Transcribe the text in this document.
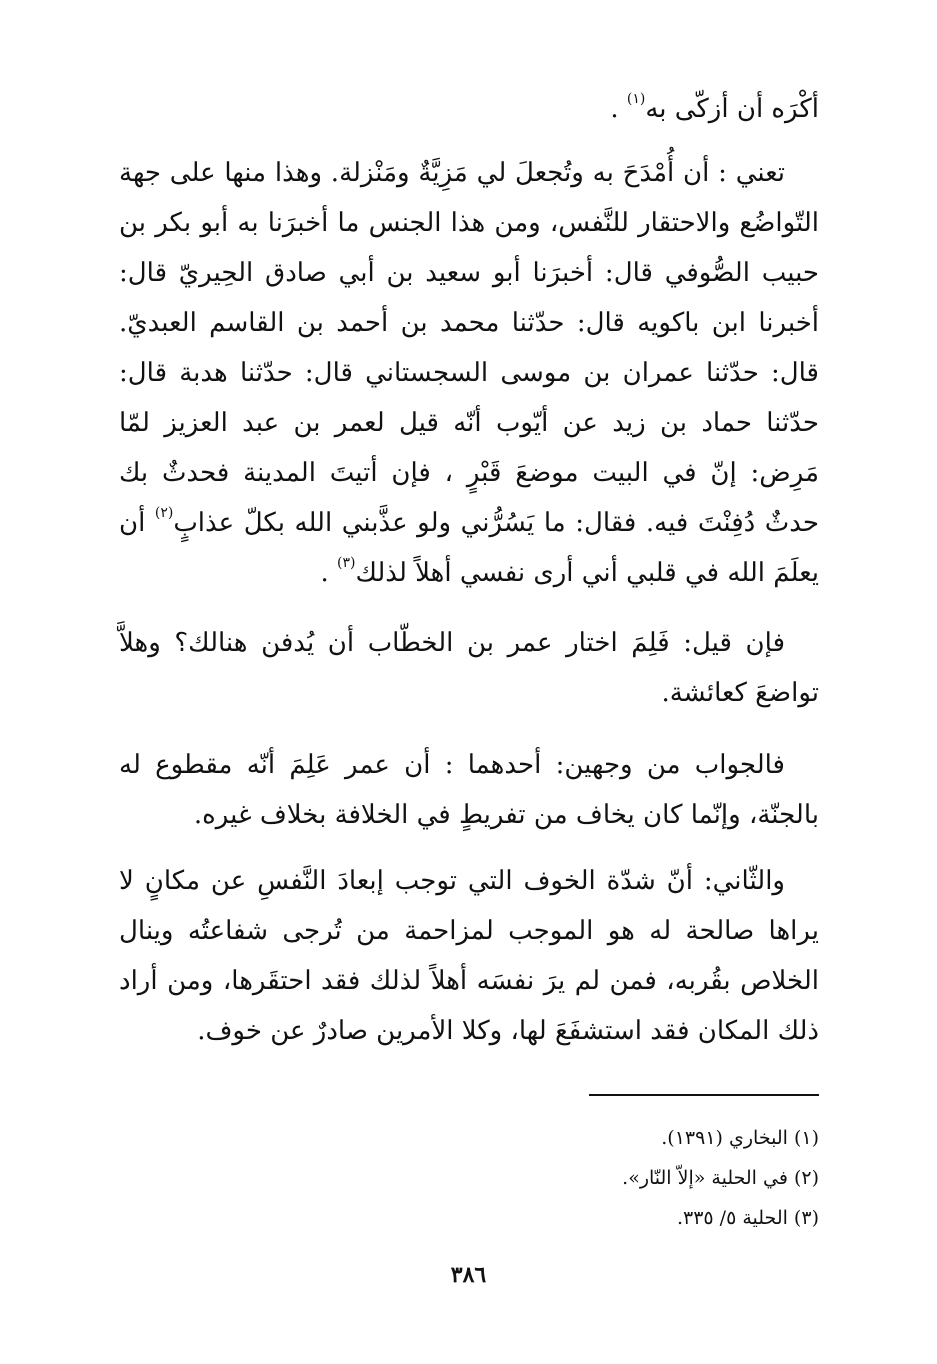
أكْرَه أن أزكّى به$^{(١)}$ .
تعني : أن أُمْدَحَ به وتُجعلَ لي مَزِيَّةٌ ومَنْزلة. وهذا منها على جهة التّواضُع والاحتقار للنَّفس، ومن هذا الجنس ما أخبرَنا به أبو بكر بن حبيب الصُّوفي قال: أخبرَنا أبو سعيد بن أبي صادق الحِيريّ قال: أخبرنا ابن باكويه قال: حدّثنا محمد بن أحمد بن القاسم العبديّ. قال: حدّثنا عمران بن موسى السجستاني قال: حدّثنا هدبة قال: حدّثنا حماد بن زيد عن أيّوب أنّه قيل لعمر بن عبد العزيز لمّا مَرِض: إنّ في البيت موضعَ قَبْرٍ ، فإن أتيتَ المدينة فحدثٌ بك حدثٌ دُفِنْتَ فيه. فقال: ما يَسُرُّني ولو عذَّبني الله بكلّ عذابٍ$^{(٢)}$ أن يعلَمَ الله في قلبي أني أرى نفسي أهلاً لذلك$^{(٣)}$ .
فإن قيل: فَلِمَ اختار عمر بن الخطّاب أن يُدفن هنالك؟ وهلاَّ تواضعَ كعائشة.
فالجواب من وجهين: أحدهما : أن عمر عَلِمَ أنّه مقطوع له بالجنّة، وإنّما كان يخاف من تفريطٍ في الخلافة بخلاف غيره.
والثّاني: أنّ شدّة الخوف التي توجب إبعادَ النَّفسِ عن مكانٍ لا يراها صالحة له هو الموجب لمزاحمة من تُرجى شفاعتُه وينال الخلاص بقُربه، فمن لم يرَ نفسَه أهلاً لذلك فقد احتقَرها، ومن أراد ذلك المكان فقد استشفَعَ لها، وكلا الأمرين صادرٌ عن خوف.
(١) البخاري (١٣٩١).
(٢) في الحلية «إلاّ النّار».
(٣) الحلية ٥/ ٣٣٥.
٣٨٦
